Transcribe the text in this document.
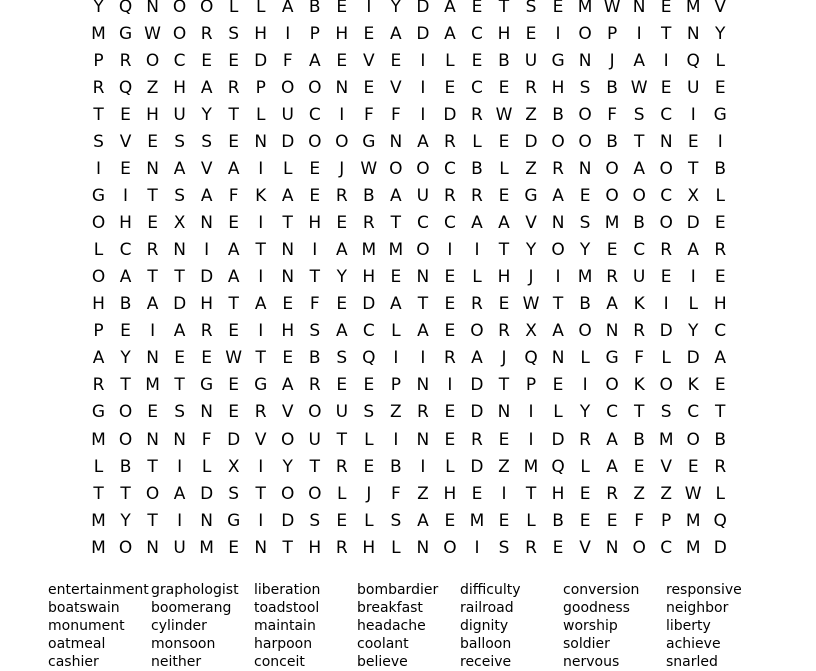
Y Q N O O L	L A B E	I	Y D A E T S E M W N E M V
M G W O R S H	I	P H E A D A C H E	I	O P	I	T N Y
P R O C E E D F A E V E	I	L E B U G N	J	A	I	Q L
R Q Z H A R P O O N E V	I	E C E R H S B W E U E
T E H U Y T	L U C	I	F	F	I	D R W Z B O F S C	I	G
S V E S S E N D O O G N A R L E D O O B T N E	I
I	E N A V A	I	L E	J W O O C B L Z R N O A O T B
G	I	T S A F K A E R B A U R R E G A E O O C X L
O H E X N E	I	T H E R T C C A A V N S M B O D E
L C R N	I	A T N	I	A M M O	I	I	T Y O Y E C R A R
O A T T D A	I	N T Y H E N E L H	J	I	M R U E	I	E
H B A D H T A E F E D A T E R E W T B A K	I	L H
P E	I	A R E	I	H S A C L A E O R X A O N R D Y C
A Y N E E W T E B S Q	I	I	R A	J	Q N L G F	L D A
R T M T G E G A R E E P N	I	D T P E	I	O K O K E
G O E S N E R V O U S Z R E D N	I	L	Y C T S C T
M O N N F D V O U T	L	I	N E R E	I	D R A B M O B
L B T	I	L X	I	Y T R E B	I	L D Z M Q L A E V E R
T T O A D S T O O L	J	F Z H E	I	T H E R Z Z W L
M Y T	I	N G	I	D S E L S A E M E L B E E F	P M Q
M O N U M E N T H R H L N O	I	S R E V N O C M D
entertainment graphologist	liberation	bombardier	difficulty	conversion	responsive
boatswain	boomerang	toadstool	breakfast	railroad	goodness	neighbor
monument	cylinder	maintain	headache	dignity	worship	liberty
oatmeal	monsoon	harpoon	coolant	balloon	soldier	achieve
cashier	neither	conceit	believe	receive	nervous	snarled
